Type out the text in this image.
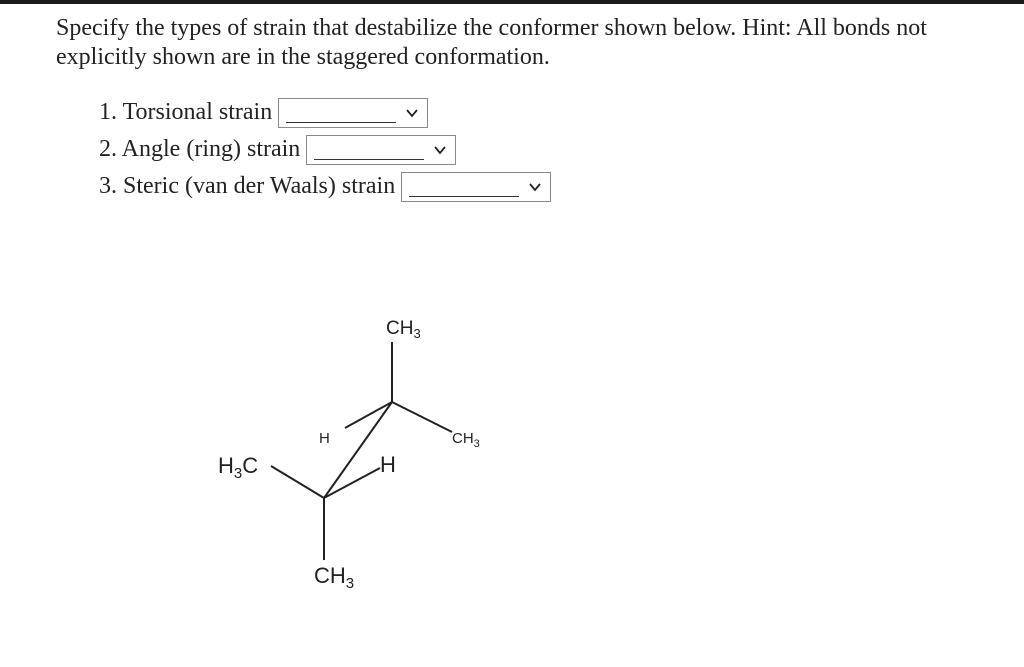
Specify the types of strain that destabilize the conformer shown below. Hint: All bonds not explicitly shown are in the staggered conformation.
1. Torsional strain
2. Angle (ring) strain
3. Steric (van der Waals) strain
$CH_3$
$CH_3$
H
H
$H_3C$
$CH_3$
